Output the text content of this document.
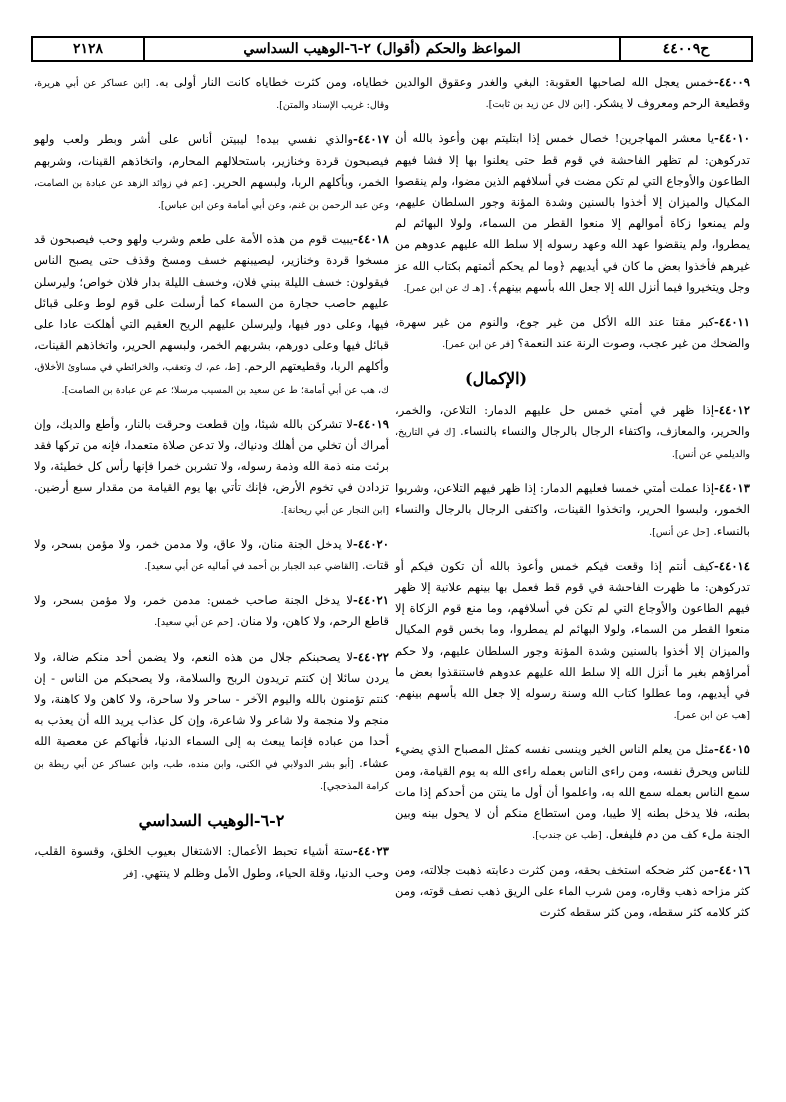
ح٤٤٠٠٩
المواعظ والحكم (أقوال) ٢-٦-الوهيب السداسي
٢١٢٨

٤٤٠٠٩-خمس يعجل الله لصاحبها العقوبة: البغي والغدر وعقوق الوالدين وقطيعة الرحم ومعروف لا يشكر. [ابن لال عن زيد بن ثابت].

٤٤٠١٠-يا معشر المهاجرين! خصال خمس إذا ابتليتم بهن وأعوذ بالله أن تدركوهن: لم تظهر الفاحشة في قوم قط حتى يعلنوا بها إلا فشا فيهم الطاعون والأوجاع التي لم تكن مضت في أسلافهم الذين مضوا، ولم ينقصوا المكيال والميزان إلا أخذوا بالسنين وشدة المؤنة وجور السلطان عليهم، ولم يمنعوا زكاة أموالهم إلا منعوا القطر من السماء، ولولا البهائم لم يمطروا، ولم ينقضوا عهد الله وعهد رسوله إلا سلط الله عليهم عدوهم من غيرهم فأخذوا بعض ما كان في أيديهم ﴿وما لم يحكم أئمتهم بكتاب الله عز وجل ويتخيروا فيما أنزل الله إلا جعل الله بأسهم بينهم﴾. [هـ ك عن ابن عمر].

٤٤٠١١-كبر مقتا عند الله الأكل من غير جوع، والنوم من غير سهرة، والضحك من غير عجب، وصوت الرنة عند النعمة؟ [فر عن ابن عمر].

(الإكمال)

٤٤٠١٢-إذا ظهر في أمتي خمس حل عليهم الدمار: التلاعن، والخمر، والحرير، والمعازف، واكتفاء الرجال بالرجال والنساء بالنساء. [ك في التاريخ، والديلمي عن أنس].

٤٤٠١٣-إذا عملت أمتي خمسا فعليهم الدمار: إذا ظهر فيهم التلاعن، وشربوا الخمور، ولبسوا الحرير، واتخذوا القينات، واكتفى الرجال بالرجال والنساء بالنساء. [حل عن أنس].

٤٤٠١٤-كيف أنتم إذا وقعت فيكم خمس وأعوذ بالله أن تكون فيكم أو تدركوهن: ما ظهرت الفاحشة في قوم قط فعمل بها بينهم علانية إلا ظهر فيهم الطاعون والأوجاع التي لم تكن في أسلافهم، وما منع قوم الزكاة إلا منعوا القطر من السماء، ولولا البهائم لم يمطروا، وما بخس قوم المكيال والميزان إلا أخذوا بالسنين وشدة المؤنة وجور السلطان عليهم، ولا حكم أمراؤهم بغير ما أنزل الله إلا سلط الله عليهم عدوهم فاستنقذوا بعض ما في أيديهم، وما عطلوا كتاب الله وسنة رسوله إلا جعل الله بأسهم بينهم. [هب عن ابن عمر].

٤٤٠١٥-مثل من يعلم الناس الخير وينسى نفسه كمثل المصباح الذي يضيء للناس ويحرق نفسه، ومن راءى الناس بعمله راءى الله به يوم القيامة، ومن سمع الناس بعمله سمع الله به، واعلموا أن أول ما ينتن من أحدكم إذا مات بطنه، فلا يدخل بطنه إلا طيبا، ومن استطاع منكم أن لا يحول بينه وبين الجنة ملء كف من دم فليفعل. [طب عن جندب].

٤٤٠١٦-من كثر ضحكه استخف بحقه، ومن كثرت دعابته ذهبت جلالته، ومن كثر مزاحه ذهب وقاره، ومن شرب الماء على الريق ذهب نصف قوته، ومن كثر كلامه كثر سقطه، ومن كثر سقطه كثرت

خطاياه، ومن كثرت خطاياه كانت النار أولى به. [ابن عساكر عن أبي هريرة، وقال: غريب الإسناد والمتن].

٤٤٠١٧-والذي نفسي بيده! ليبيتن أناس على أشر وبطر ولعب ولهو فيصبحون قردة وخنازير، باستحلالهم المحارم، واتخاذهم القينات، وشربهم الخمر، وبأكلهم الربا، ولبسهم الحرير. [عم في زوائد الزهد عن عبادة بن الصامت، وعن عبد الرحمن بن غنم، وعن أبي أمامة وعن ابن عباس].

٤٤٠١٨-يبيت قوم من هذه الأمة على طعم وشرب ولهو وحب فيصبحون قد مسخوا قردة وخنازير، ليصيبنهم خسف ومسخ وقذف حتى يصبح الناس فيقولون: خسف الليلة ببني فلان، وخسف الليلة بدار فلان خواص؛ وليرسلن عليهم حاصب حجارة من السماء كما أرسلت على قوم لوط وعلى قبائل فيها، وعلى دور فيها، وليرسلن عليهم الريح العقيم التي أهلكت عادا على قبائل فيها وعلى دورهم، بشربهم الخمر، ولبسهم الحرير، واتخاذهم القينات، وأكلهم الربا، وقطيعتهم الرحم. [ط، عم، ك وتعقب، والخرائطي في مساوئ الأخلاق، ك، هب عن أبي أمامة؛ ط عن سعيد بن المسيب مرسلا؛ عم عن عبادة بن الصامت].

٤٤٠١٩-لا تشركن بالله شيئا، وإن قطعت وحرقت بالنار، وأطع والديك، وإن أمراك أن تخلي من أهلك ودنياك، ولا تدعن صلاة متعمدا، فإنه من تركها فقد برئت منه ذمة الله وذمة رسوله، ولا تشربن خمرا فإنها رأس كل خطيئة، ولا تزدادن في تخوم الأرض، فإنك تأتي بها يوم القيامة من مقدار سبع أرضين. [ابن النجار عن أبي ريحانة].

٤٤٠٢٠-لا يدخل الجنة منان، ولا عاق، ولا مدمن خمر، ولا مؤمن بسحر، ولا قتات. [القاضي عبد الجبار بن أحمد في أماليه عن أبي سعيد].

٤٤٠٢١-لا يدخل الجنة صاحب خمس: مدمن خمر، ولا مؤمن بسحر، ولا قاطع الرحم، ولا كاهن، ولا منان. [حم عن أبي سعيد].

٤٤٠٢٢-لا يصحبنكم جلال من هذه النعم، ولا يضمن أحد منكم ضالة، ولا يردن سائلا إن كنتم تريدون الربح والسلامة، ولا يصحبكم من الناس - إن كنتم تؤمنون بالله واليوم الآخر - ساحر ولا ساحرة، ولا كاهن ولا كاهنة، ولا منجم ولا منجمة ولا شاعر ولا شاعرة، وإن كل عذاب يريد الله أن يعذب به أحدا من عباده فإنما يبعث به إلى السماء الدنيا، فأنهاكم عن معصية الله عشاء. [أبو بشر الدولابي في الكنى، وابن منده، طب، وابن عساكر عن أبي ريطة بن كرامة المذحجي].

٢-٦-الوهيب السداسي

٤٤٠٢٣-ستة أشياء تحبط الأعمال: الاشتغال بعيوب الخلق، وقسوة القلب، وحب الدنيا، وقلة الحياء، وطول الأمل وظلم لا ينتهي. [فر
